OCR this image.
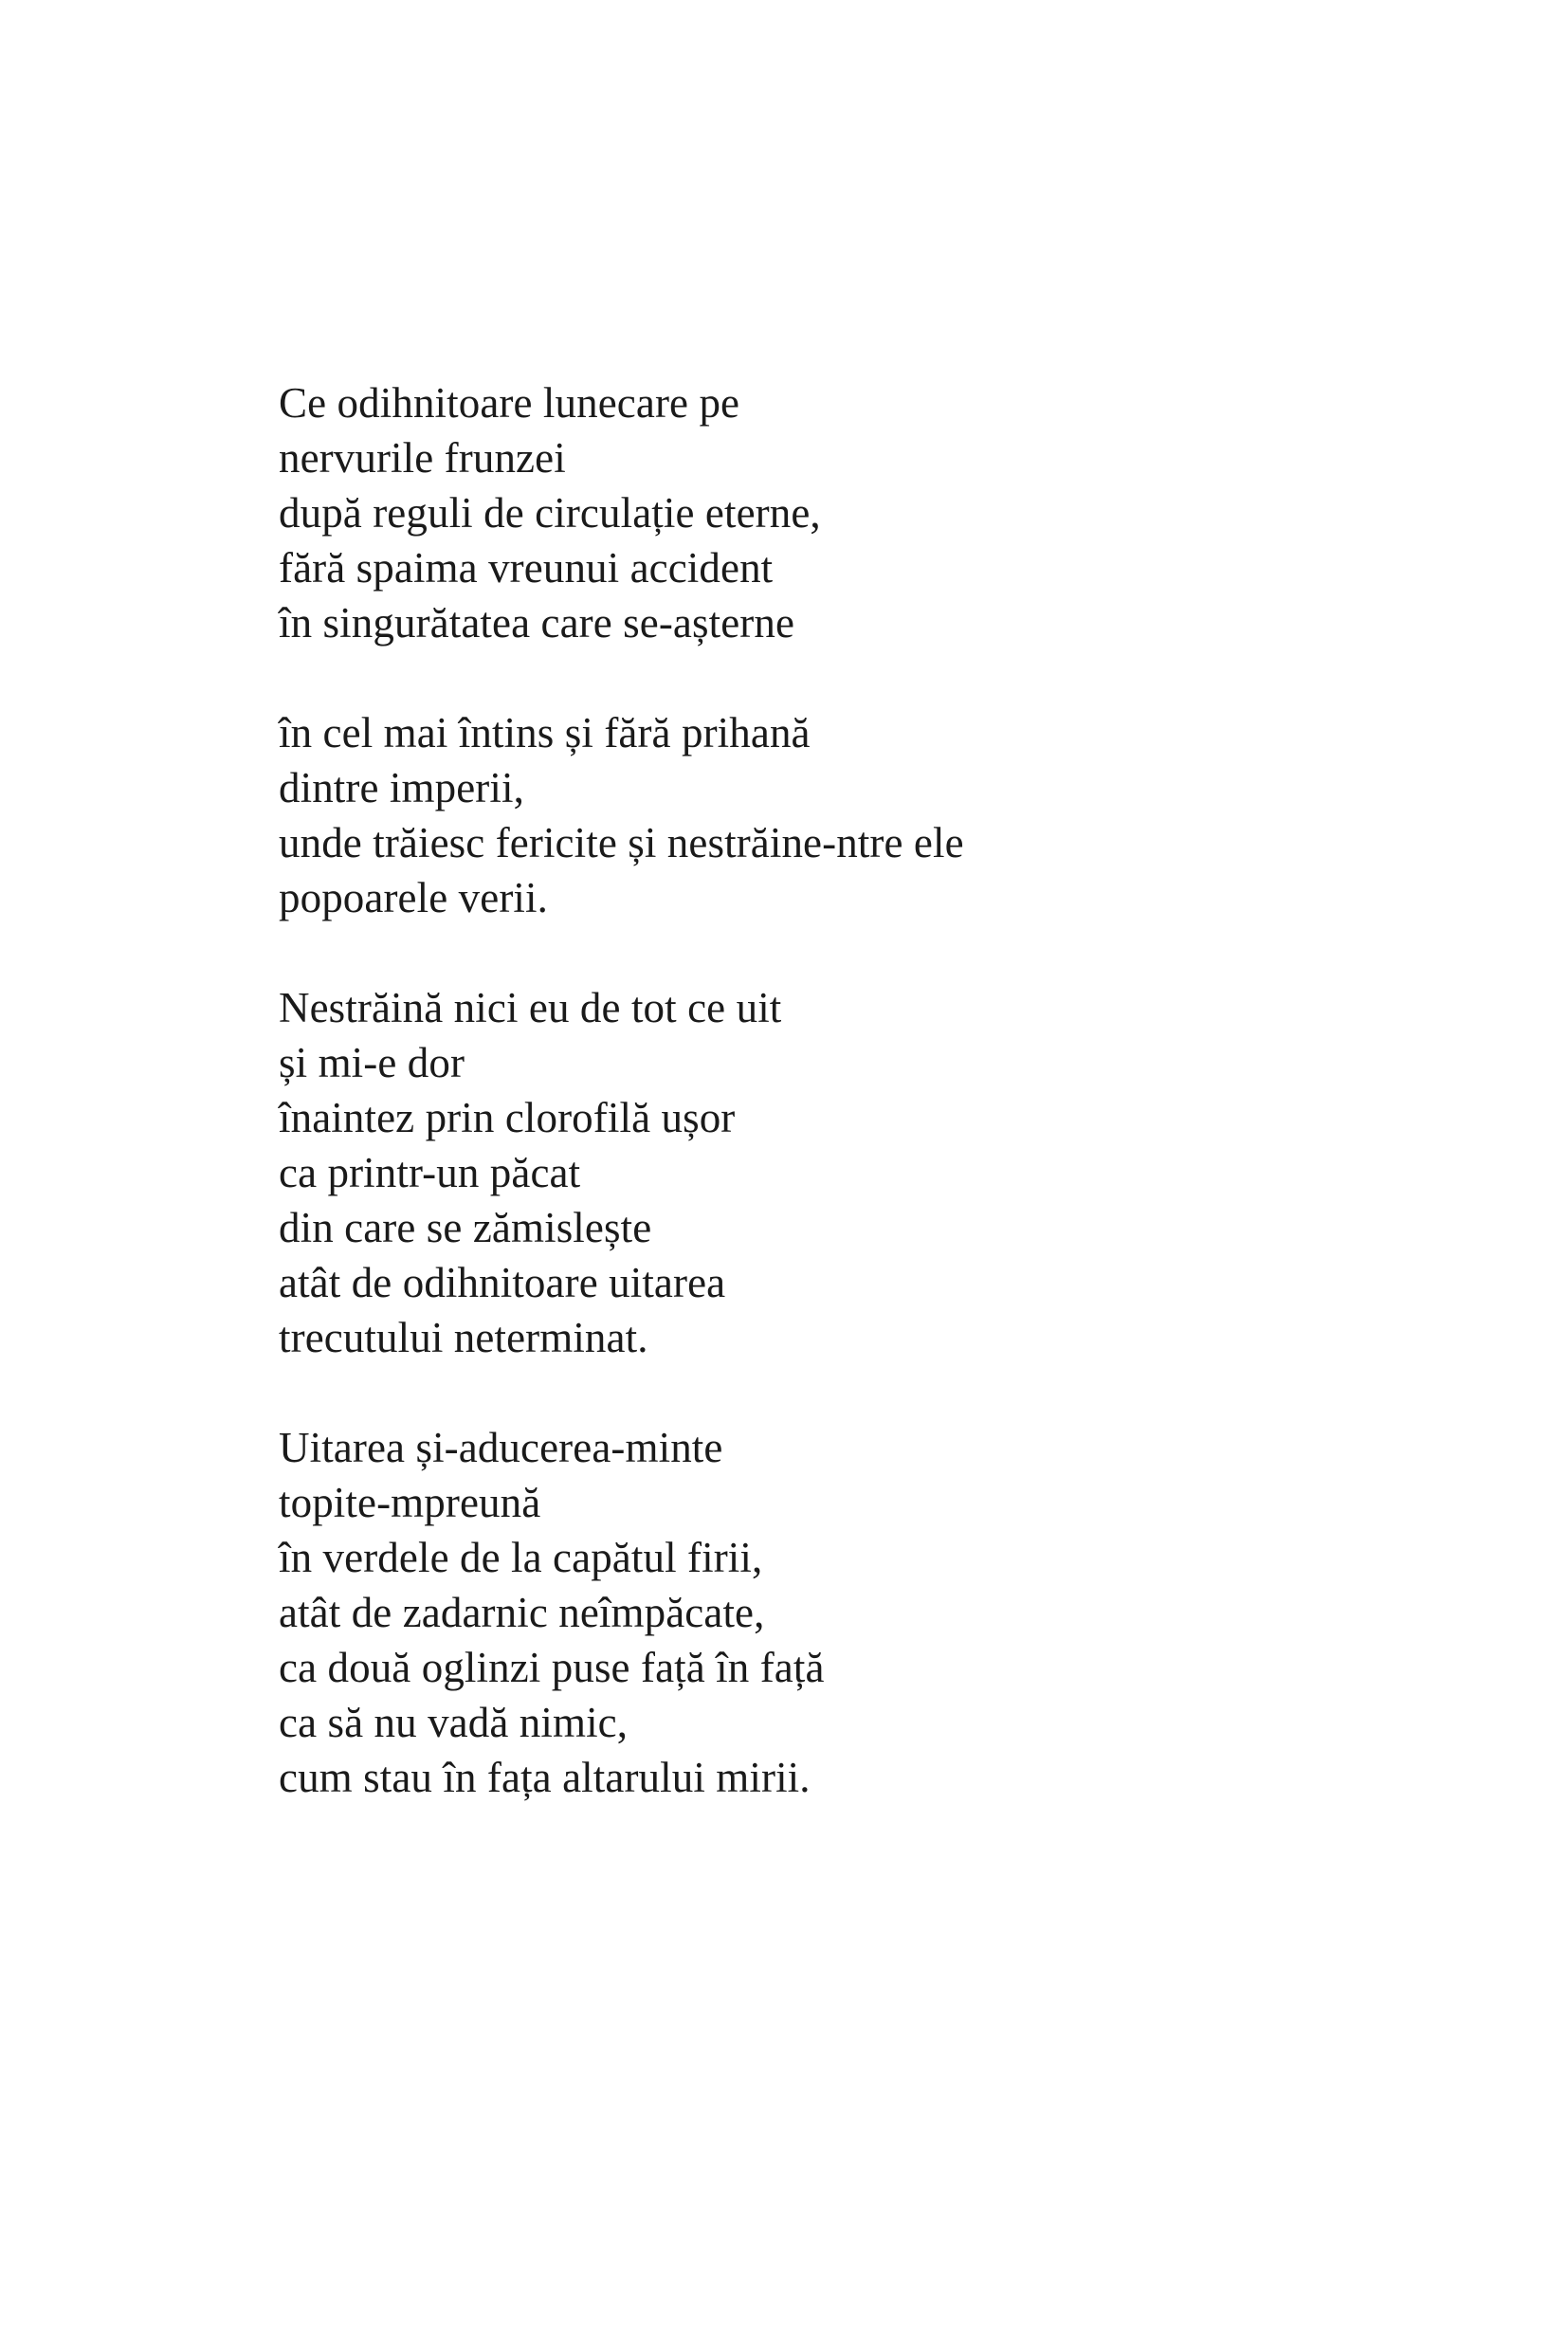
Ce odihnitoare lunecare pe
nervurile frunzei
după reguli de circulație eterne,
fără spaima vreunui accident
în singurătatea care se-așterne
în cel mai întins și fără prihană
dintre imperii,
unde trăiesc fericite și nestrăine-ntre ele
popoarele verii.
Nestrăină nici eu de tot ce uit
și mi-e dor
înaintez prin clorofilă ușor
ca printr-un păcat
din care se zămislește
atât de odihnitoare uitarea
trecutului neterminat.
Uitarea și-aducerea-minte
topite-mpreună
în verdele de la capătul firii,
atât de zadarnic neîmpăcate,
ca două oglinzi puse față în față
ca să nu vadă nimic,
cum stau în fața altarului mirii.
